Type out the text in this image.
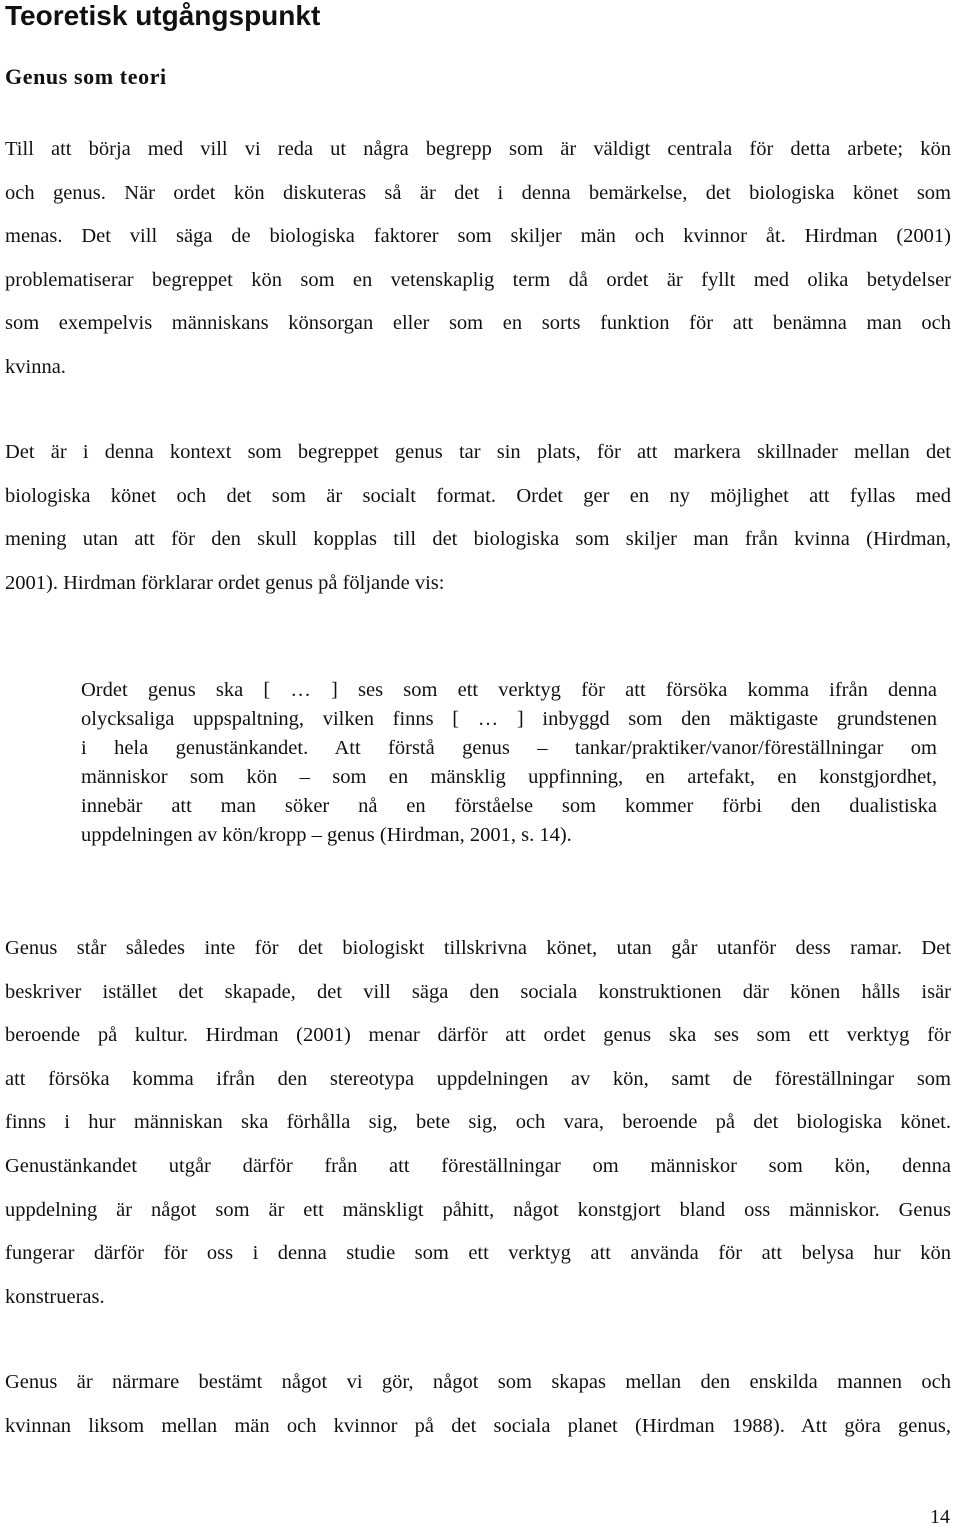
Teoretisk utgångspunkt
Genus som teori
Till att börja med vill vi reda ut några begrepp som är väldigt centrala för detta arbete; kön
och genus. När ordet kön diskuteras så är det i denna bemärkelse, det biologiska könet som
menas. Det vill säga de biologiska faktorer som skiljer män och kvinnor åt. Hirdman (2001)
problematiserar begreppet kön som en vetenskaplig term då ordet är fyllt med olika betydelser
som exempelvis människans könsorgan eller som en sorts funktion för att benämna man och
kvinna.
Det är i denna kontext som begreppet genus tar sin plats, för att markera skillnader mellan det
biologiska könet och det som är socialt format. Ordet ger en ny möjlighet att fyllas med
mening utan att för den skull kopplas till det biologiska som skiljer man från kvinna (Hirdman,
2001). Hirdman förklarar ordet genus på följande vis:
Ordet genus ska [ … ] ses som ett verktyg för att försöka komma ifrån denna
olycksaliga uppspaltning, vilken finns [ … ] inbyggd som den mäktigaste grundstenen
i hela genustänkandet. Att förstå genus – tankar/praktiker/vanor/föreställningar om
människor som kön – som en mänsklig uppfinning, en artefakt, en konstgjordhet,
innebär att man söker nå en förståelse som kommer förbi den dualistiska
uppdelningen av kön/kropp – genus (Hirdman, 2001, s. 14).
Genus står således inte för det biologiskt tillskrivna könet, utan går utanför dess ramar. Det
beskriver istället det skapade, det vill säga den sociala konstruktionen där könen hålls isär
beroende på kultur. Hirdman (2001) menar därför att ordet genus ska ses som ett verktyg för
att försöka komma ifrån den stereotypa uppdelningen av kön, samt de föreställningar som
finns i hur människan ska förhålla sig, bete sig, och vara, beroende på det biologiska könet.
Genustänkandet utgår därför från att föreställningar om människor som kön, denna
uppdelning är något som är ett mänskligt påhitt, något konstgjort bland oss människor. Genus
fungerar därför för oss i denna studie som ett verktyg att använda för att belysa hur kön
konstrueras.
Genus är närmare bestämt något vi gör, något som skapas mellan den enskilda mannen och
kvinnan liksom mellan män och kvinnor på det sociala planet (Hirdman 1988). Att göra genus,
14
